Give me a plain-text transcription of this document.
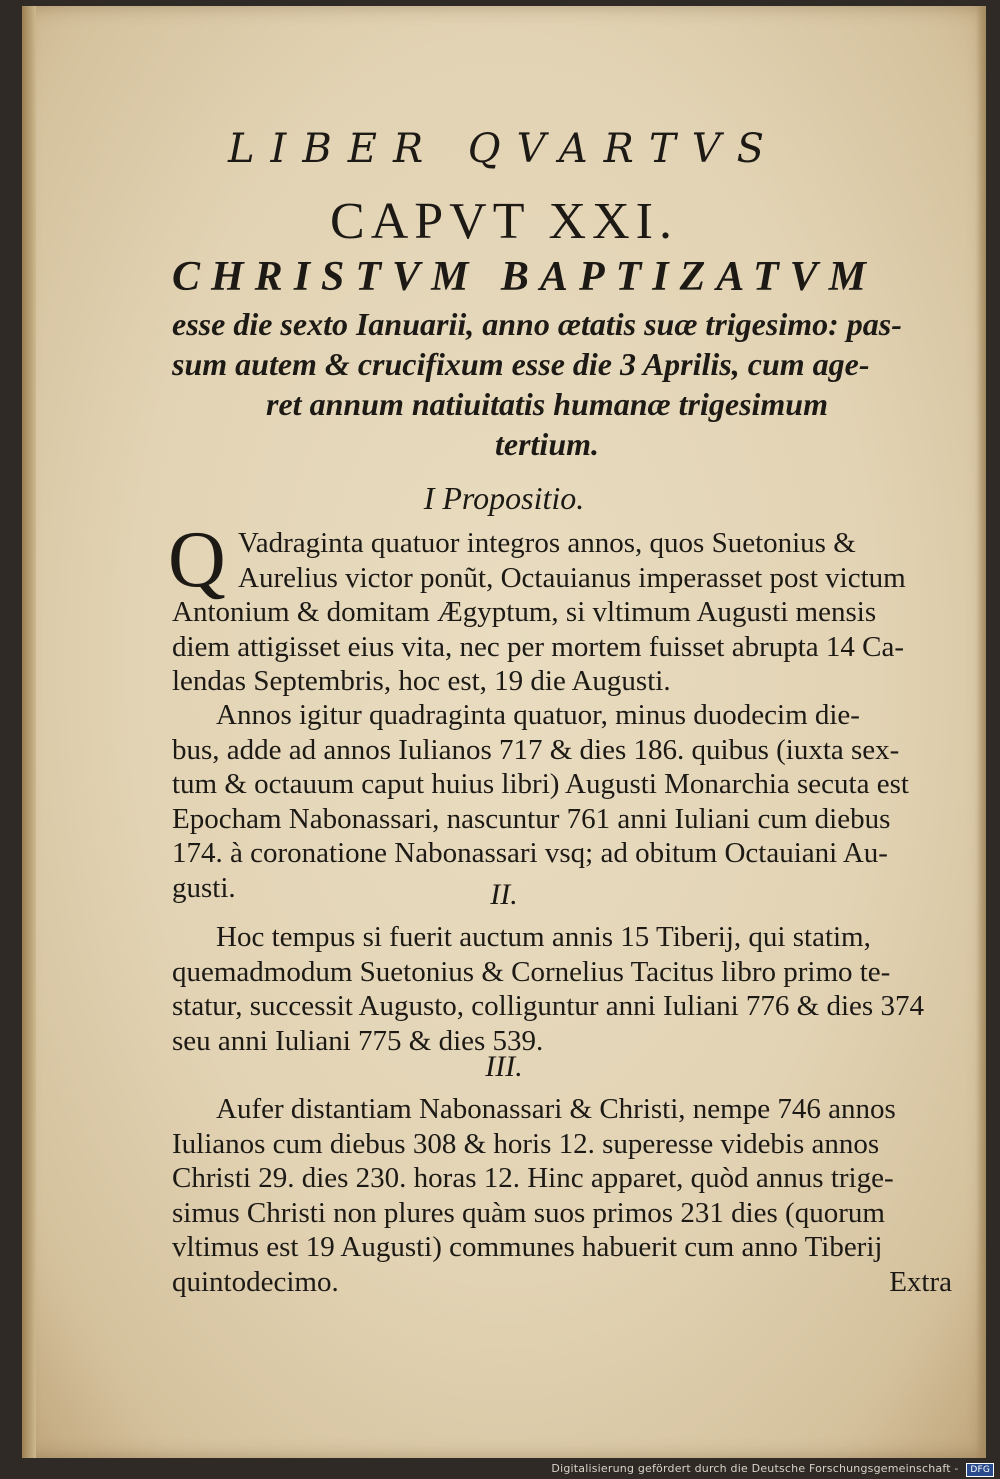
LIBER QVARTVS
CAPVT XXI.
CHRISTVM BAPTIZATVM
esse die sexto Ianuarii, anno ætatis suæ trigesimo: pas-
sum autem & crucifixum esse die 3 Aprilis, cum age-
ret annum natiuitatis humanæ trigesimum
tertium.
I Propositio.
Q Vadraginta quatuor integros annos, quos Suetonius &
Aurelius victor ponũt, Octauianus imperasset post victum
Antonium & domitam Ægyptum, si vltimum Augusti mensis
diem attigisset eius vita, nec per mortem fuisset abrupta 14 Ca-
lendas Septembris, hoc est, 19 die Augusti.
Annos igitur quadraginta quatuor, minus duodecim die-
bus, adde ad annos Iulianos 717 & dies 186. quibus (iuxta sex-
tum & octauum caput huius libri) Augusti Monarchia secuta est
Epocham Nabonassari, nascuntur 761 anni Iuliani cum diebus
174. à coronatione Nabonassari vsq; ad obitum Octauiani Au-
gusti.	II.
Hoc tempus si fuerit auctum annis 15 Tiberij, qui statim,
quemadmodum Suetonius & Cornelius Tacitus libro primo te-
statur, successit Augusto, colliguntur anni Iuliani 776 & dies 374
seu anni Iuliani 775 & dies 539.
III.
Aufer distantiam Nabonassari & Christi, nempe 746 annos
Iulianos cum diebus 308 & horis 12. superesse videbis annos
Christi 29. dies 230. horas 12. Hinc apparet, quòd annus trige-
simus Christi non plures quàm suos primos 231 dies (quorum
vltimus est 19 Augusti) communes habuerit cum anno Tiberij
quintodecimo.	Extra
Digitalisierung gefördert durch die Deutsche Forschungsgemeinschaft - DFG
